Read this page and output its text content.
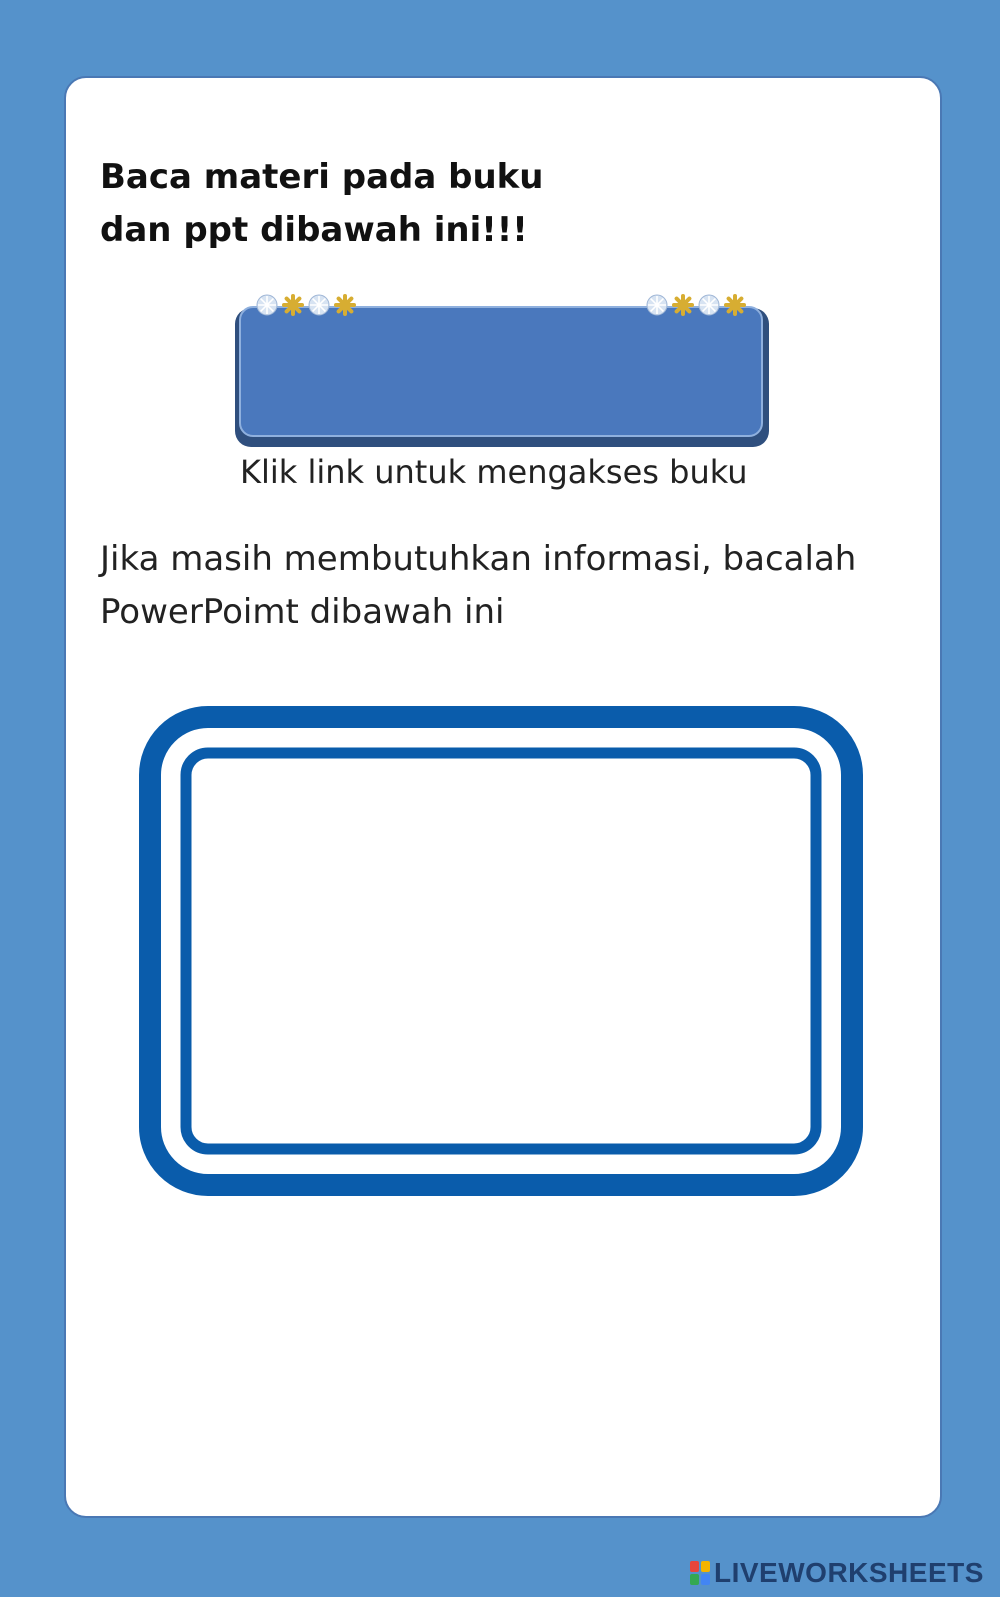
Baca materi pada buku
dan ppt dibawah ini!!!
Klik link untuk mengakses buku

Jika masih membutuhkan informasi, bacalah
PowerPoimt dibawah ini

LIVEWORKSHEETS
